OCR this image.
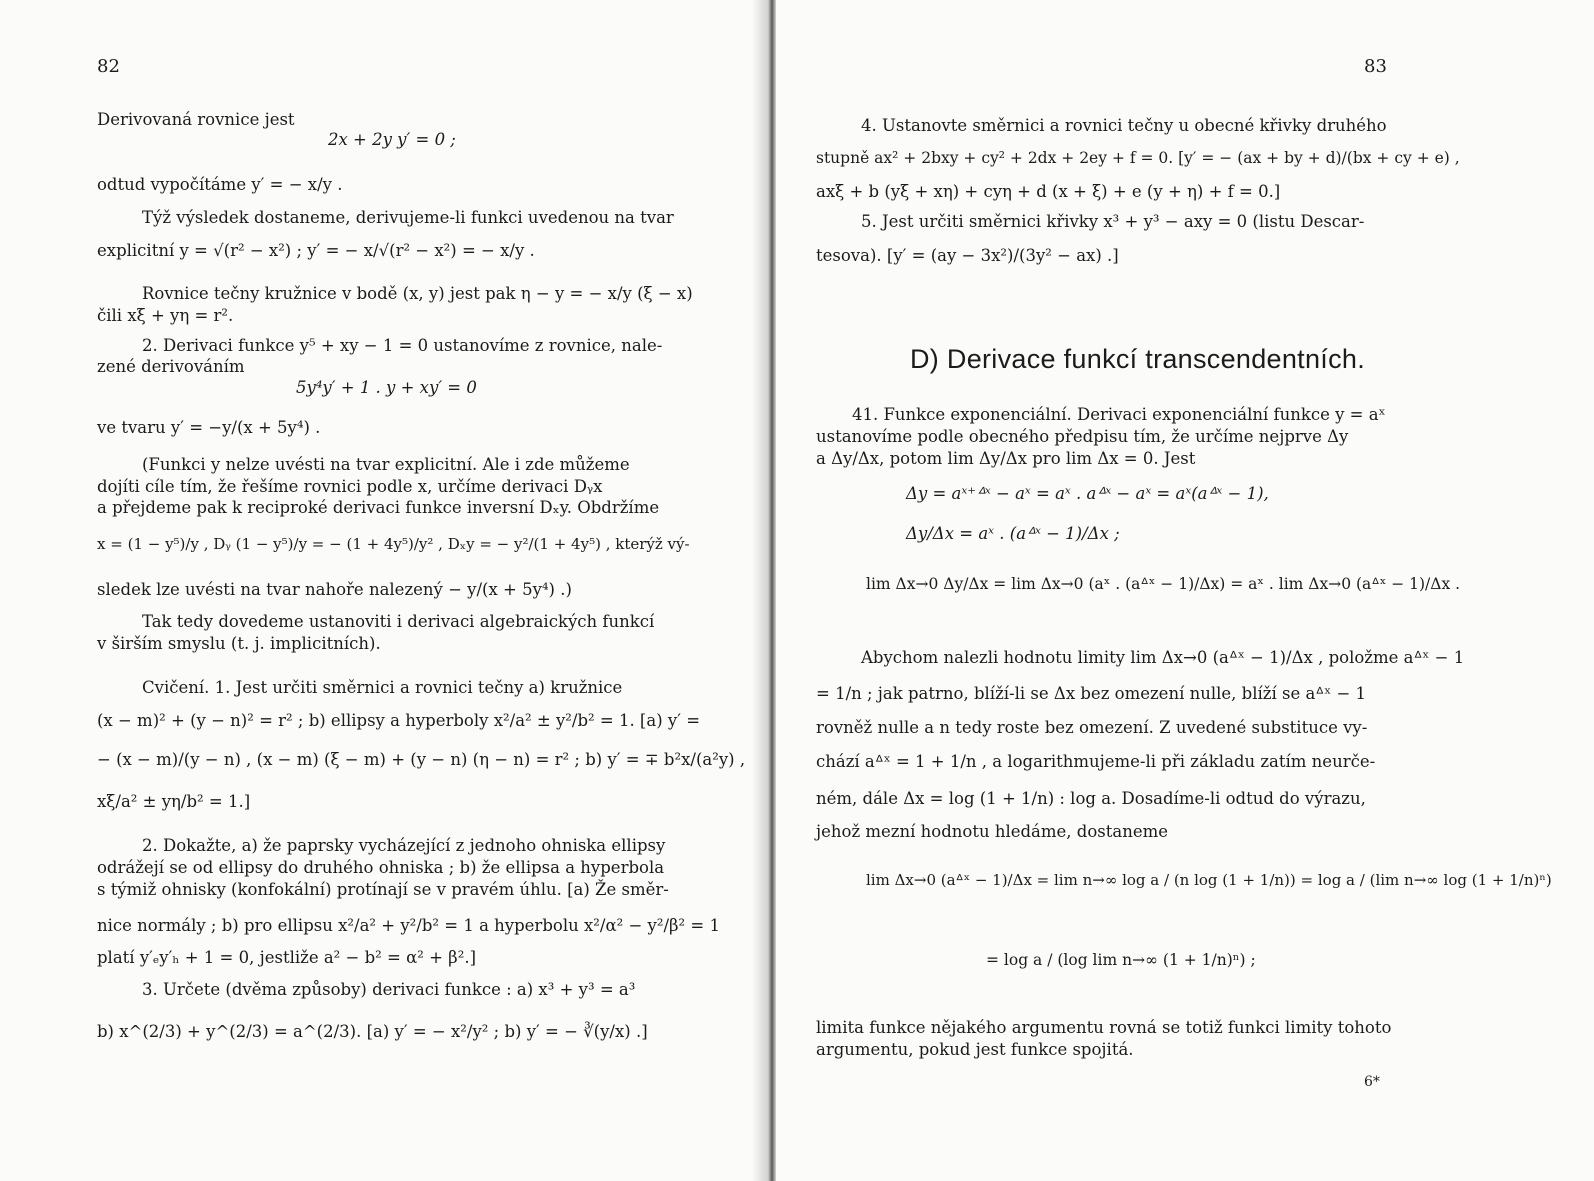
82
Derivovaná rovnice jest
2x + 2y y′ = 0 ;
odtud vypočítáme y′ = − x/y .
Týž výsledek dostaneme, derivujeme-li funkci uvedenou na tvar
explicitní y = √(r² − x²) ; y′ = − x/√(r² − x²) = − x/y .
Rovnice tečny kružnice v bodě (x, y) jest pak η − y = − x/y (ξ − x)
čili xξ + yη = r².
2. Derivaci funkce y⁵ + xy − 1 = 0 ustanovíme z rovnice, nale-
zené derivováním
5y⁴y′ + 1 . y + xy′ = 0
ve tvaru y′ = −y/(x + 5y⁴) .
(Funkci y nelze uvésti na tvar explicitní. Ale i zde můžeme
dojíti cíle tím, že řešíme rovnici podle x, určíme derivaci Dᵧx
a přejdeme pak k reciproké derivaci funkce inversní Dₓy. Obdržíme
x = (1 − y⁵)/y , Dᵧ (1 − y⁵)/y = − (1 + 4y⁵)/y² , Dₓy = − y²/(1 + 4y⁵) , kterýž vý-
sledek lze uvésti na tvar nahoře nalezený − y/(x + 5y⁴) .)
Tak tedy dovedeme ustanoviti i derivaci algebraických funkcí
v širším smyslu (t. j. implicitních).
Cvičení. 1. Jest určiti směrnici a rovnici tečny a) kružnice
(x − m)² + (y − n)² = r² ; b) ellipsy a hyperboly x²/a² ± y²/b² = 1. [a) y′ =
− (x − m)/(y − n) , (x − m) (ξ − m) + (y − n) (η − n) = r² ; b) y′ = ∓ b²x/(a²y) ,
xξ/a² ± yη/b² = 1.]
2. Dokažte, a) že paprsky vycházející z jednoho ohniska ellipsy
odrážejí se od ellipsy do druhého ohniska ; b) že ellipsa a hyperbola
s týmiž ohnisky (konfokální) protínají se v pravém úhlu. [a) Že směr-
nice normály ; b) pro ellipsu x²/a² + y²/b² = 1 a hyperbolu x²/α² − y²/β² = 1
platí y′ₑy′ₕ + 1 = 0, jestliže a² − b² = α² + β².]
3. Určete (dvěma způsoby) derivaci funkce : a) x³ + y³ = a³
b) x^(2/3) + y^(2/3) = a^(2/3). [a) y′ = − x²/y² ; b) y′ = − ∛(y/x) .]
83
4. Ustanovte směrnici a rovnici tečny u obecné křivky druhého
stupně ax² + 2bxy + cy² + 2dx + 2ey + f = 0. [y′ = − (ax + by + d)/(bx + cy + e) ,
axξ + b (yξ + xη) + cyη + d (x + ξ) + e (y + η) + f = 0.]
5. Jest určiti směrnici křivky x³ + y³ − axy = 0 (listu Descar-
tesova). [y′ = (ay − 3x²)/(3y² − ax) .]
41. Funkce exponenciální. Derivaci exponenciální funkce y = aˣ
ustanovíme podle obecného předpisu tím, že určíme nejprve Δy
a Δy/Δx, potom lim Δy/Δx pro lim Δx = 0. Jest
Δy = aˣ⁺ᐞˣ − aˣ = aˣ . aᐞˣ − aˣ = aˣ(aᐞˣ − 1),
Δy/Δx = aˣ . (aᐞˣ − 1)/Δx ;
lim Δx→0 Δy/Δx = lim Δx→0 (aˣ . (aᐞˣ − 1)/Δx) = aˣ . lim Δx→0 (aᐞˣ − 1)/Δx .
Abychom nalezli hodnotu limity lim Δx→0 (aᐞˣ − 1)/Δx , položme aᐞˣ − 1
= 1/n ; jak patrno, blíží-li se Δx bez omezení nulle, blíží se aᐞˣ − 1
rovněž nulle a n tedy roste bez omezení. Z uvedené substituce vy-
chází aᐞˣ = 1 + 1/n , a logarithmujeme-li při základu zatím neurče-
ném, dále Δx = log (1 + 1/n) : log a. Dosadíme-li odtud do výrazu,
jehož mezní hodnotu hledáme, dostaneme
lim Δx→0 (aᐞˣ − 1)/Δx = lim n→∞ log a / (n log (1 + 1/n)) = log a / (lim n→∞ log (1 + 1/n)ⁿ)
= log a / (log lim n→∞ (1 + 1/n)ⁿ) ;
limita funkce nějakého argumentu rovná se totiž funkci limity tohoto
argumentu, pokud jest funkce spojitá.
6*
D) Derivace funkcí transcendentních.
